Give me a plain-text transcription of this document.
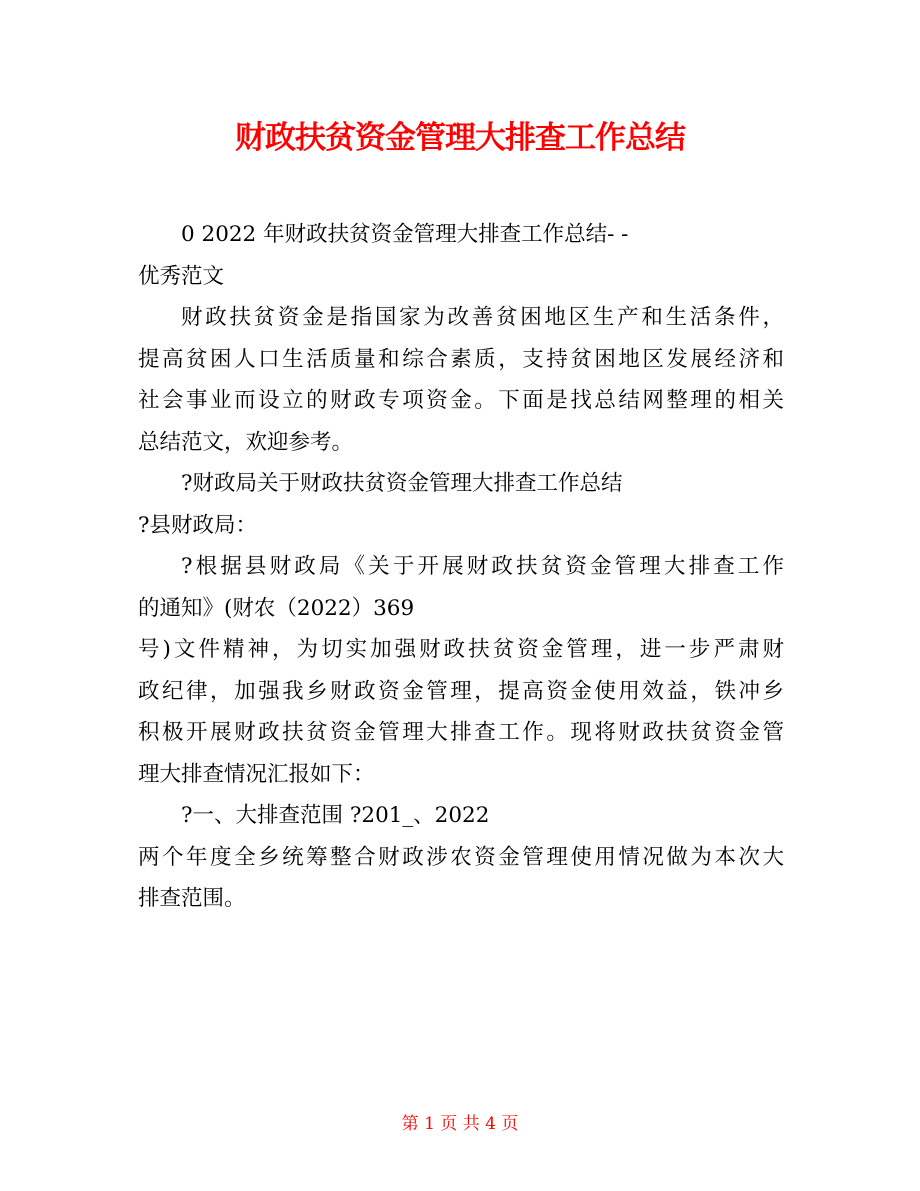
财政扶贫资金管理大排查工作总结
0 2022 年财政扶贫资金管理大排查工作总结- -
优秀范文
财政扶贫资金是指国家为改善贫困地区生产和生活条件，
提高贫困人口生活质量和综合素质，支持贫困地区发展经济和
社会事业而设立的财政专项资金。下面是找总结网整理的相关
总结范文，欢迎参考。
?财政局关于财政扶贫资金管理大排查工作总结
?县财政局：
?根据县财政局《关于开展财政扶贫资金管理大排查工作
的通知》(财农（2022）369
号)文件精神，为切实加强财政扶贫资金管理，进一步严肃财
政纪律，加强我乡财政资金管理，提高资金使用效益，铁冲乡
积极开展财政扶贫资金管理大排查工作。现将财政扶贫资金管
理大排查情况汇报如下：
?一、大排查范围 ?201_、2022
两个年度全乡统筹整合财政涉农资金管理使用情况做为本次大
排查范围。
第 1 页 共 4 页
